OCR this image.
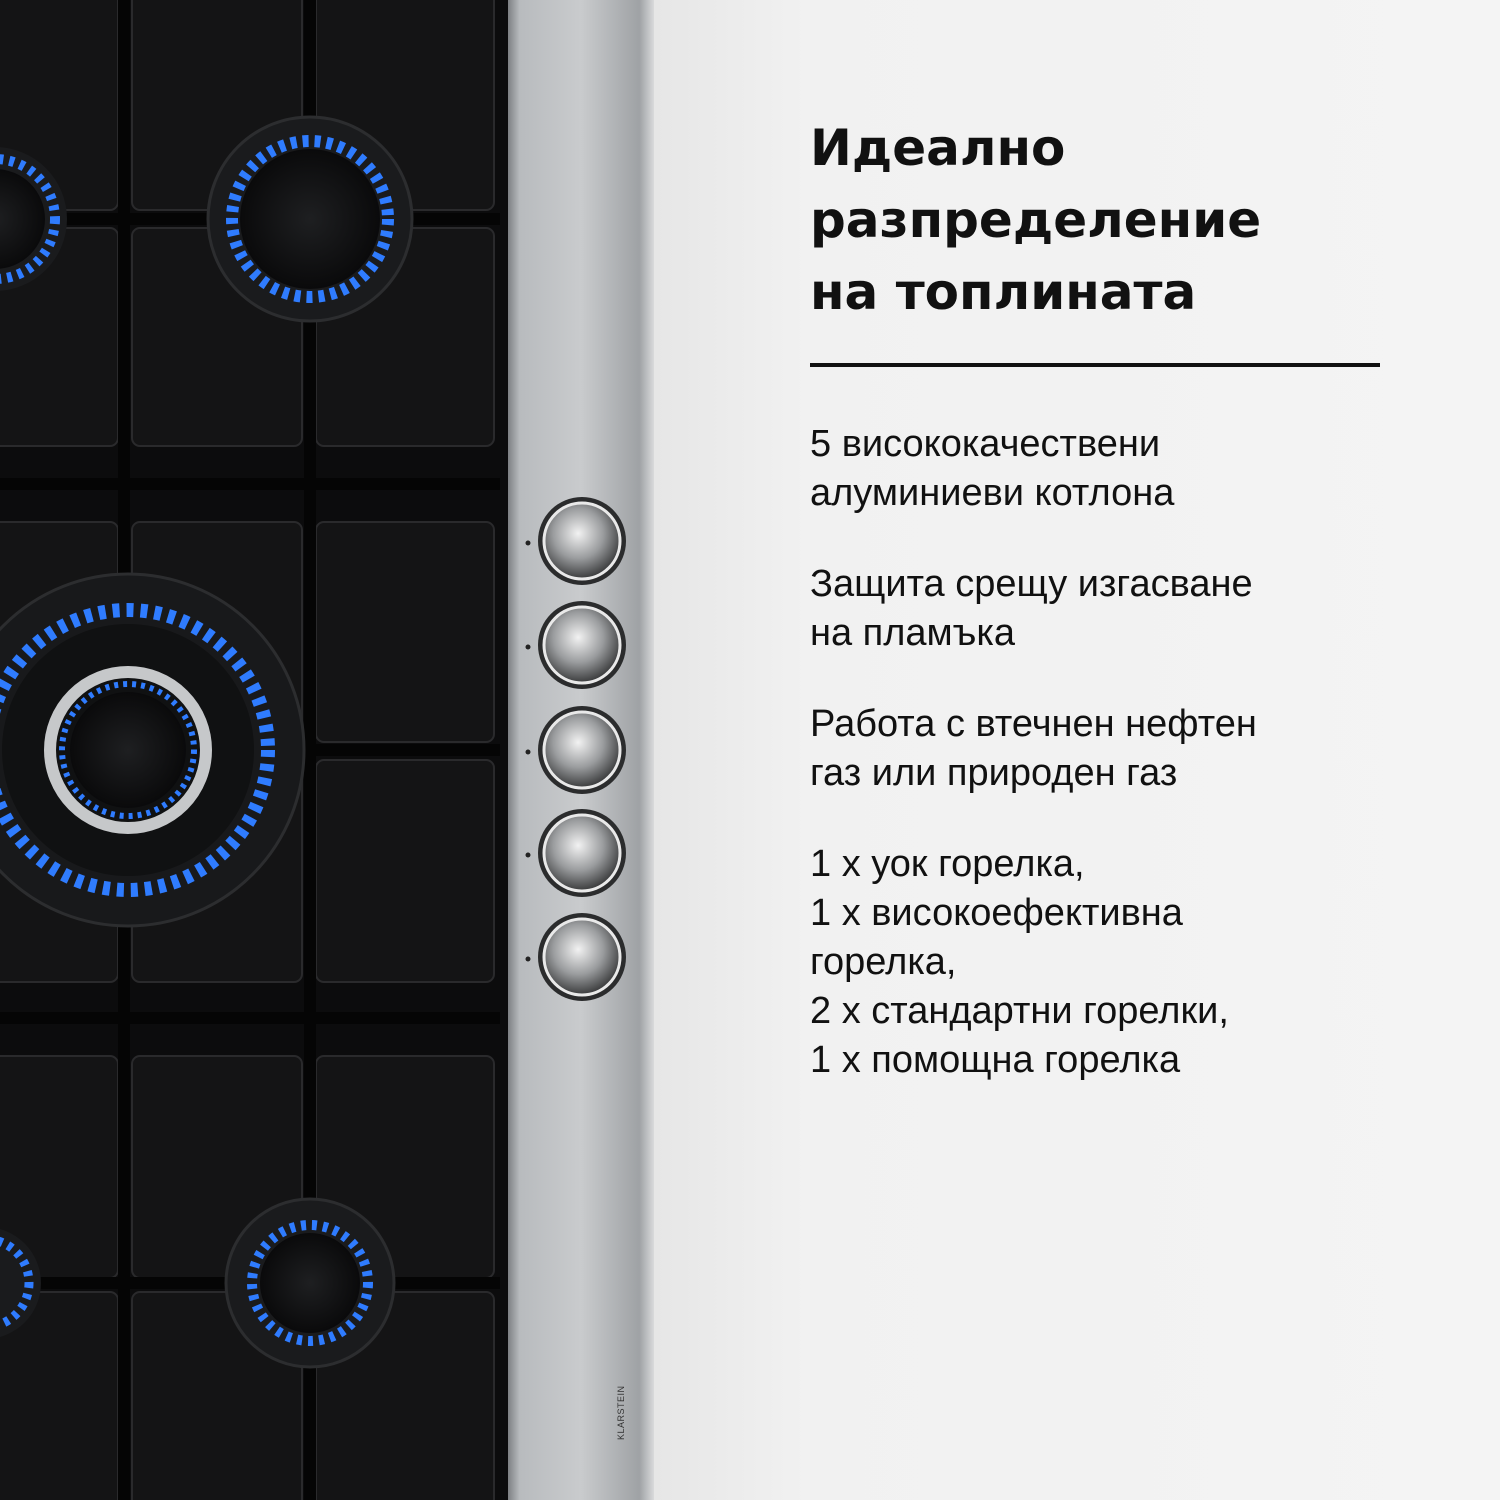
KLARSTEIN
Идеално
разпределение
на топлината
5 висококачествени
алуминиеви котлона
Защита срещу изгасване
на пламъка
Работа с втечнен нефтен
газ или природен газ
1 x уок горелка,
1 x високоефективна
горелка,
2 x стандартни горелки,
1 x помощна горелка
